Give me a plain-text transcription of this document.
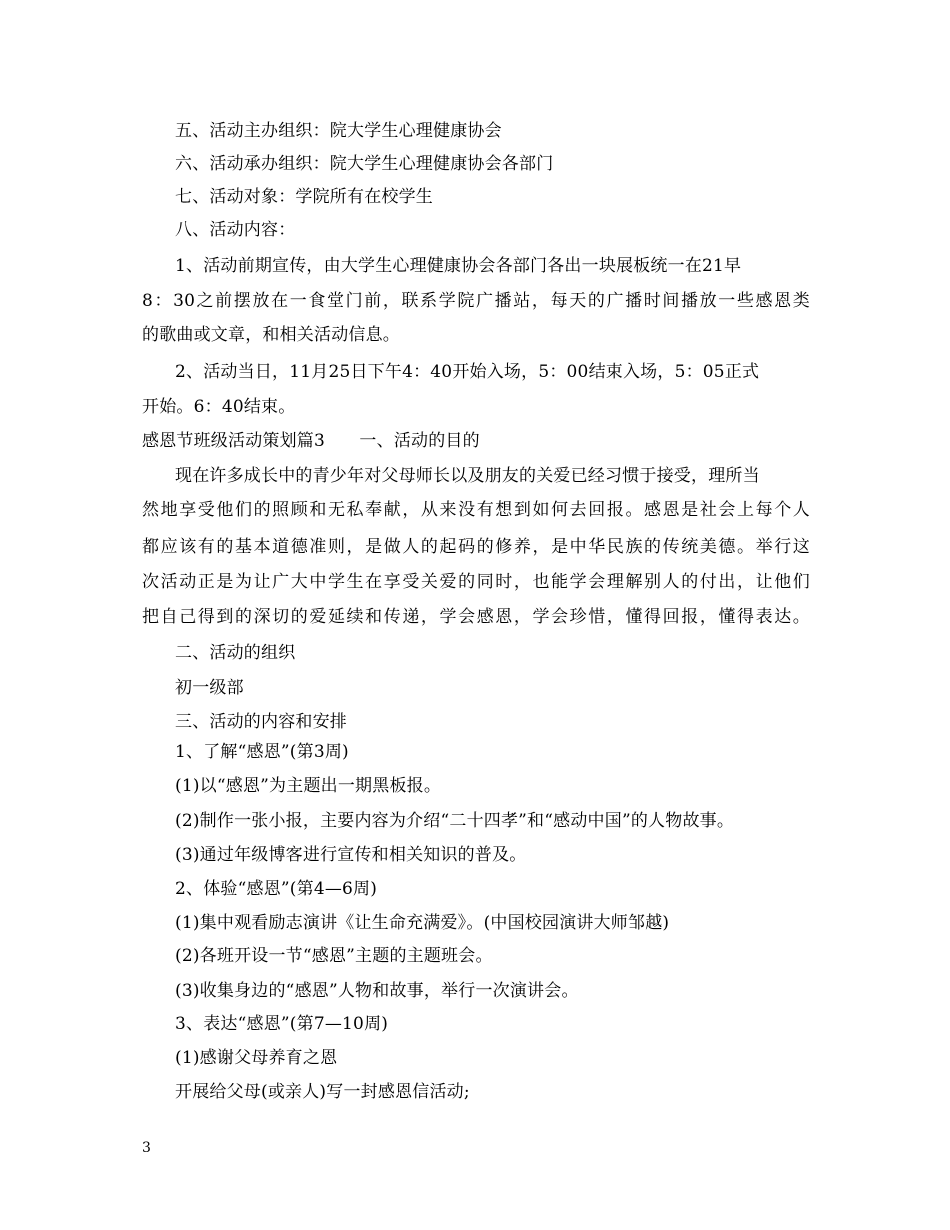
五、活动主办组织：院大学生心理健康协会
六、活动承办组织：院大学生心理健康协会各部门
七、活动对象：学院所有在校学生
八、活动内容：
1、活动前期宣传，由大学生心理健康协会各部门各出一块展板统一在21早
8：30之前摆放在一食堂门前，联系学院广播站，每天的广播时间播放一些感恩类
的歌曲或文章，和相关活动信息。
2、活动当日，11月25日下午4：40开始入场，5：00结束入场，5：05正式
开始。6：40结束。
感恩节班级活动策划篇3　　一、活动的目的
现在许多成长中的青少年对父母师长以及朋友的关爱已经习惯于接受，理所当
然地享受他们的照顾和无私奉献，从来没有想到如何去回报。感恩是社会上每个人
都应该有的基本道德准则，是做人的起码的修养，是中华民族的传统美德。举行这
次活动正是为让广大中学生在享受关爱的同时，也能学会理解别人的付出，让他们
把自己得到的深切的爱延续和传递，学会感恩，学会珍惜，懂得回报，懂得表达。
二、活动的组织
初一级部
三、活动的内容和安排
1、了解“感恩”(第3周)
(1)以“感恩”为主题出一期黑板报。
(2)制作一张小报，主要内容为介绍“二十四孝”和“感动中国”的人物故事。
(3)通过年级博客进行宣传和相关知识的普及。
2、体验“感恩”(第4—6周)
(1)集中观看励志演讲《让生命充满爱》。(中国校园演讲大师邹越)
(2)各班开设一节“感恩”主题的主题班会。
(3)收集身边的“感恩”人物和故事，举行一次演讲会。
3、表达“感恩”(第7—10周)
(1)感谢父母养育之恩
开展给父母(或亲人)写一封感恩信活动;
3
